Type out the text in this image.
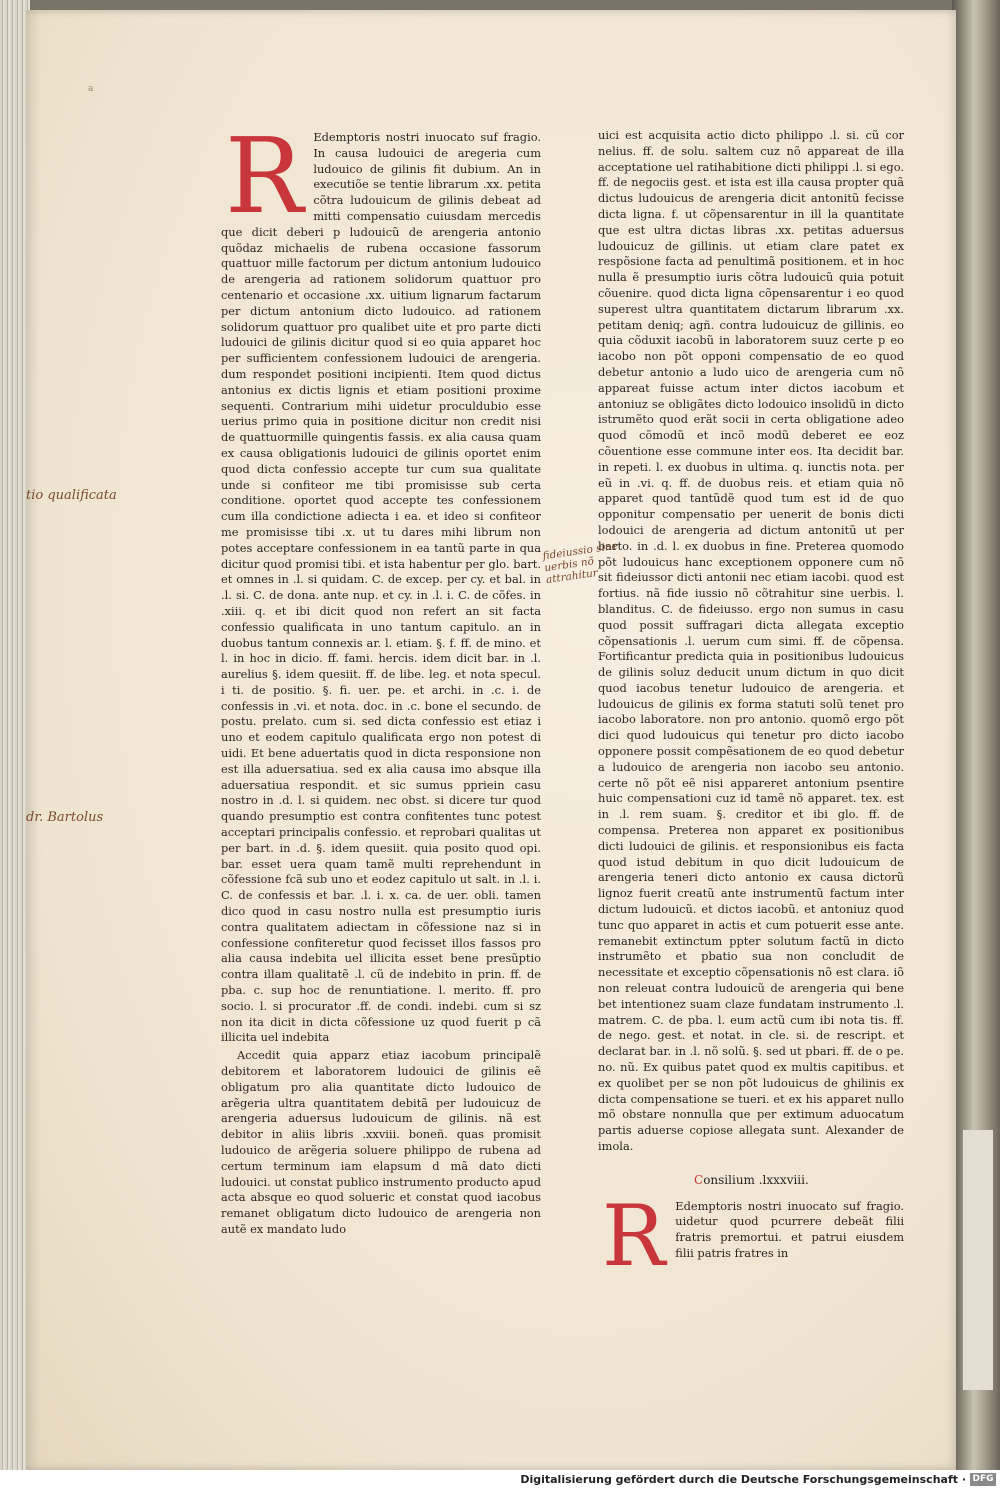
a
R Edemptoris nostri inuocato suf fragio. In causa ludouici de aregeria cum ludouico de gilinis fit dubium. An in executiõe se tentie librarum .xx. petita cõtra ludouicum de gilinis debeat ad mitti compensatio cuiusdam mercedis que dicit deberi p ludouicũ de arengeria antonio quõdaz michaelis de rubena occasione fassorum quattuor mille factorum per dictum antonium ludouico de arengeria ad rationem solidorum quattuor pro centenario et occasione .xx. uitium lignarum factarum per dictum antonium dicto ludouico. ad rationem solidorum quattuor pro qualibet uite et pro parte dicti ludouici de gilinis dicitur quod si eo quia apparet hoc per sufficientem confessionem ludouici de arengeria. dum respondet positioni incipienti. Item quod dictus antonius ex dictis lignis et etiam positioni proxime sequenti. Contrarium mihi uidetur proculdubio esse uerius primo quia in positione dicitur non credit nisi de quattuormille quingentis fassis. ex alia causa quam ex causa obligationis ludouici de gilinis oportet enim quod dicta confessio accepte tur cum sua qualitate unde si confiteor me tibi promisisse sub certa conditione. oportet quod accepte tes confessionem cum illa condictione adiecta i ea. et ideo si confiteor me promisisse tibi .x. ut tu dares mihi librum non potes acceptare confessionem in ea tantũ parte in qua dicitur quod promisi tibi. et ista habentur per glo. bart. et omnes in .l. si quidam. C. de excep. per cy. et bal. in .l. si. C. de dona. ante nup. et cy. in .l. i. C. de cõfes. in .xiii. q. et ibi dicit quod non refert an sit facta confessio qualificata in uno tantum capitulo. an in duobus tantum connexis ar. l. etiam. §. f. ff. de mino. et l. in hoc in dicio. ff. fami. hercis. idem dicit bar. in .l. aurelius §. idem quesiit. ff. de libe. leg. et nota specul. i ti. de positio. §. fi. uer. pe. et archi. in .c. i. de confessis in .vi. et nota. doc. in .c. bone el secundo. de postu. prelato. cum si. sed dicta confessio est etiaz i uno et eodem capitulo qualificata ergo non potest di uidi. Et bene aduertatis quod in dicta responsione non est illa aduersatiua. sed ex alia causa imo absque illa aduersatiua respondit. et sic sumus ppriein casu nostro in .d. l. si quidem. nec obst. si dicere tur quod quando presumptio est contra confitentes tunc potest acceptari principalis confessio. et reprobari qualitas ut per bart. in .d. §. idem quesiit. quia posito quod opi. bar. esset uera quam tamẽ multi reprehendunt in cõfessione fcã sub uno et eodez capitulo ut salt. in .l. i. C. de confessis et bar. .l. i. x. ca. de uer. obli. tamen dico quod in casu nostro nulla est presumptio iuris contra qualitatem adiectam in cõfessione naz si in confessione confiteretur quod fecisset illos fassos pro alia causa indebita uel illicita esset bene presũptio contra illam qualitatẽ .l. cũ de indebito in prin. ff. de pba. c. sup hoc de renuntiatione. l. merito. ff. pro socio. l. si procurator .ff. de condi. indebi. cum si sz non ita dicit in dicta cõfessione uz quod fuerit p cã illicita uel indebita

Accedit quia apparz etiaz iacobum principalẽ debitorem et laboratorem ludouici de gilinis eẽ obligatum pro alia quantitate dicto ludouico de arẽgeria ultra quantitatem debitã per ludouicuz de arengeria aduersus ludouicum de gilinis. nã est debitor in aliis libris .xxviii. boneñ. quas promisit ludouico de arẽgeria soluere philippo de rubena ad certum terminum iam elapsum d mã dato dicti ludouici. ut constat publico instrumento producto apud acta absque eo quod solueric et constat quod iacobus remanet obligatum dicto ludouico de arengeria non autẽ ex mandato ludo

uici est acquisita actio dicto philippo .l. si. cũ cor nelius. ff. de solu. saltem cuz nõ appareat de illa acceptatione uel ratihabitione dicti philippi .l. si ego. ff. de negociis gest. et ista est illa causa propter quã dictus ludouicus de arengeria dicit antonitũ fecisse dicta ligna. f. ut cõpensarentur in ill la quantitate que est ultra dictas libras .xx. petitas aduersus ludouicuz de gillinis. ut etiam clare patet ex respõsione facta ad penultimã positionem. et in hoc nulla ẽ presumptio iuris cõtra ludouicũ quia potuit cõuenire. quod dicta ligna cõpensarentur i eo quod superest ultra quantitatem dictarum librarum .xx. petitam deniq; agñ. contra ludouicuz de gillinis. eo quia cõduxit iacobũ in laboratorem suuz certe p eo iacobo non põt opponi compensatio de eo quod debetur antonio a ludo uico de arengeria cum nõ appareat fuisse actum inter dictos iacobum et antoniuz se obligãtes dicto lodouico insolidũ in dicto istrumẽto quod erãt socii in certa obligatione adeo quod cõmodũ et incõ modũ deberet ee eoz cõuentione esse commune inter eos. Ita decidit bar. in repeti. l. ex duobus in ultima. q. iunctis nota. per eũ in .vi. q. ff. de duobus reis. et etiam quia nõ apparet quod tantũdẽ quod tum est id de quo opponitur compensatio per uenerit de bonis dicti lodouici de arengeria ad dictum antonitũ ut per barto. in .d. l. ex duobus in fine. Preterea quomodo põt ludouicus hanc exceptionem opponere cum nõ sit fideiussor dicti antonii nec etiam iacobi. quod est fortius. nã fide iussio nõ cõtrahitur sine uerbis. l. blanditus. C. de fideiusso. ergo non sumus in casu quod possit suffragari dicta allegata exceptio cõpensationis .l. uerum cum simi. ff. de cõpensa. Fortificantur predicta quia in positionibus ludouicus de gilinis soluz deducit unum dictum in quo dicit quod iacobus tenetur ludouico de arengeria. et ludouicus de gilinis ex forma statuti solũ tenet pro iacobo laboratore. non pro antonio. quomõ ergo põt dici quod ludouicus qui tenetur pro dicto iacobo opponere possit compẽsationem de eo quod debetur a ludouico de arengeria non iacobo seu antonio. certe nõ põt eẽ nisi appareret antonium psentire huic compensationi cuz id tamẽ nõ apparet. tex. est in .l. rem suam. §. creditor et ibi glo. ff. de compensa. Preterea non apparet ex positionibus dicti ludouici de gilinis. et responsionibus eis facta quod istud debitum in quo dicit ludouicum de arengeria teneri dicto antonio ex causa dictorũ lignoz fuerit creatũ ante instrumentũ factum inter dictum ludouicũ. et dictos iacobũ. et antoniuz quod tunc quo apparet in actis et cum potuerit esse ante. remanebit extinctum ppter solutum factũ in dicto instrumẽto et pbatio sua non concludit de necessitate et exceptio cõpensationis nõ est clara. iõ non releuat contra ludouicũ de arengeria qui bene bet intentionez suam claze fundatam instrumento .l. matrem. C. de pba. l. eum actũ cum ibi nota tis. ff. de nego. gest. et notat. in cle. si. de rescript. et declarat bar. in .l. nõ solũ. §. sed ut pbari. ff. de o pe. no. nũ. Ex quibus patet quod ex multis capitibus. et ex quolibet per se non põt ludouicus de ghilinis ex dicta compensatione se tueri. et ex his apparet nullo mõ obstare nonnulla que per extimum aduocatum partis aduerse copiose allegata sunt. Alexander de imola.

Consilium .lxxxviii.

R Edemptoris nostri inuocato suf fragio. uidetur quod pcurrere debeãt filii fratris premortui. et patrui eiusdem filii patris fratres in

tio qualificata
dr. Bartolus
fideiussio sine uerbis nõ attrahitur
Digitalisierung gefördert durch die Deutsche Forschungsgemeinschaft · DFG
